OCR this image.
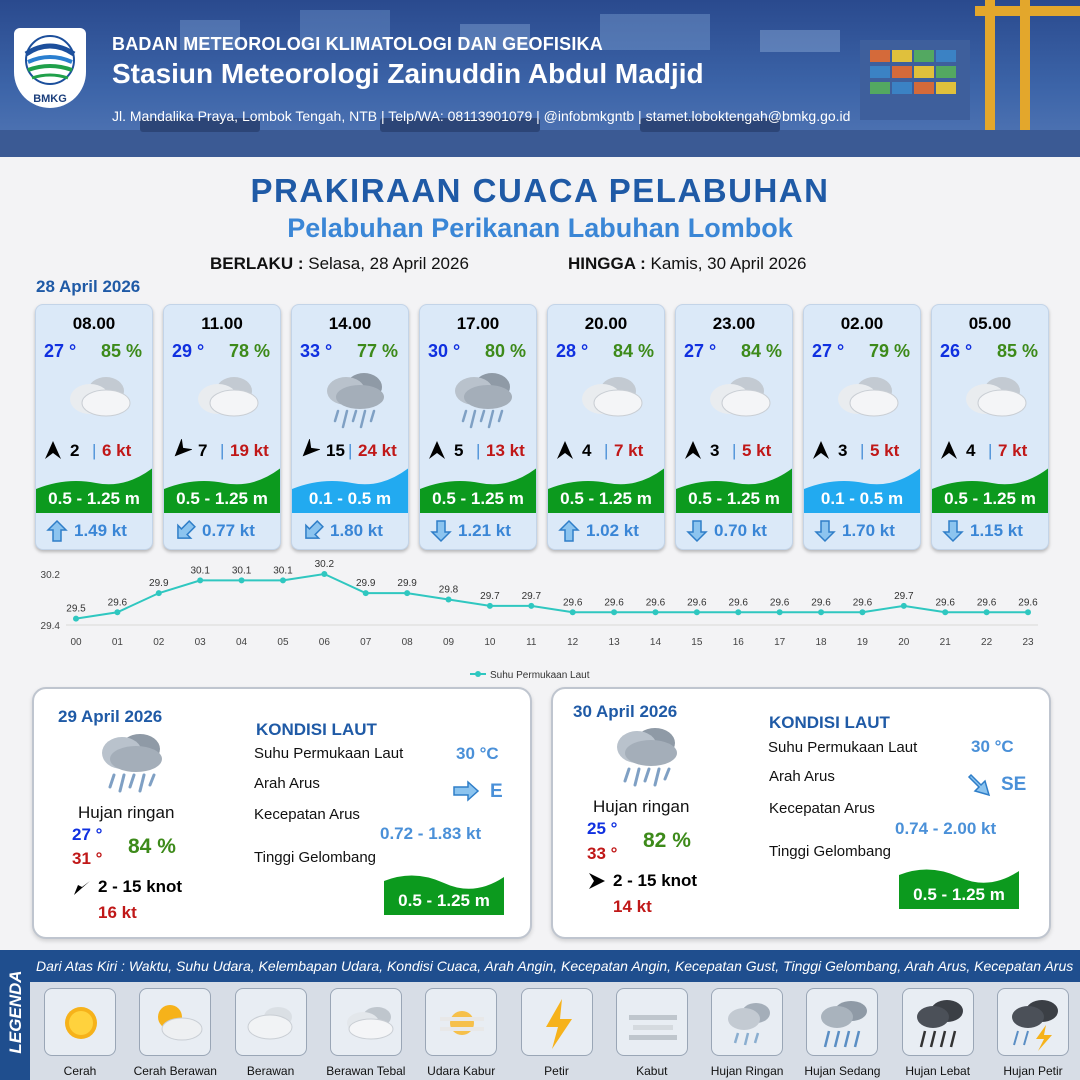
BMKG
BADAN METEOROLOGI KLIMATOLOGI DAN GEOFISIKA
Stasiun Meteorologi Zainuddin Abdul Madjid
Jl. Mandalika Praya, Lombok Tengah, NTB | Telp/WA: 08113901079 | @infobmkgntb | stamet.loboktengah@bmkg.go.id
PRAKIRAAN CUACA PELABUHAN
Pelabuhan Perikanan Labuhan Lombok
BERLAKU : Selasa, 28 April 2026	HINGGA : Kamis, 30 April 2026
28 April 2026
08.00
27 ° 85 %
2 | 6 kt
0.5 - 1.25 m
1.49 kt
11.00
29 ° 78 %
7 | 19 kt
0.5 - 1.25 m
0.77 kt
14.00
33 ° 77 %
15 | 24 kt
0.1 - 0.5 m
1.80 kt
17.00
30 ° 80 %
5 | 13 kt
0.5 - 1.25 m
1.21 kt
20.00
28 ° 84 %
4 | 7 kt
0.5 - 1.25 m
1.02 kt
23.00
27 ° 84 %
3 | 5 kt
0.5 - 1.25 m
0.70 kt
02.00
27 ° 79 %
3 | 5 kt
0.1 - 0.5 m
1.70 kt
05.00
26 ° 85 %
4 | 7 kt
0.5 - 1.25 m
1.15 kt
29.4
30.2
29.5
00
29.6
01
29.9
02
30.1
03
30.1
04
30.1
05
30.2
06
29.9
07
29.9
08
29.8
09
29.7
10
29.7
11
29.6
12
29.6
13
29.6
14
29.6
15
29.6
16
29.6
17
29.6
18
29.6
19
29.7
20
29.6
21
29.6
22
29.6
23
Suhu Permukaan Laut
29 April 2026
Hujan ringan
27 °
31 °
84 %
2 - 15 knot
16 kt
KONDISI LAUT
Suhu Permukaan Laut	30 °C
Arah Arus	E
Kecepatan Arus
0.72 - 1.83 kt
Tinggi Gelombang
0.5 - 1.25 m
30 April 2026
Hujan ringan
25 °
33 °
82 %
2 - 15 knot
14 kt
KONDISI LAUT
Suhu Permukaan Laut	30 °C
Arah Arus	SE
Kecepatan Arus
0.74 - 2.00 kt
Tinggi Gelombang
0.5 - 1.25 m
LEGENDA
Dari Atas Kiri : Waktu, Suhu Udara, Kelembapan Udara, Kondisi Cuaca, Arah Angin, Kecepatan Angin, Kecepatan Gust, Tinggi Gelombang, Arah Arus, Kecepatan Arus
Cerah	Cerah Berawan	Berawan	Berawan Tebal	Udara Kabur	Petir	Kabut	Hujan Ringan	Hujan Sedang	Hujan Lebat	Hujan Petir
